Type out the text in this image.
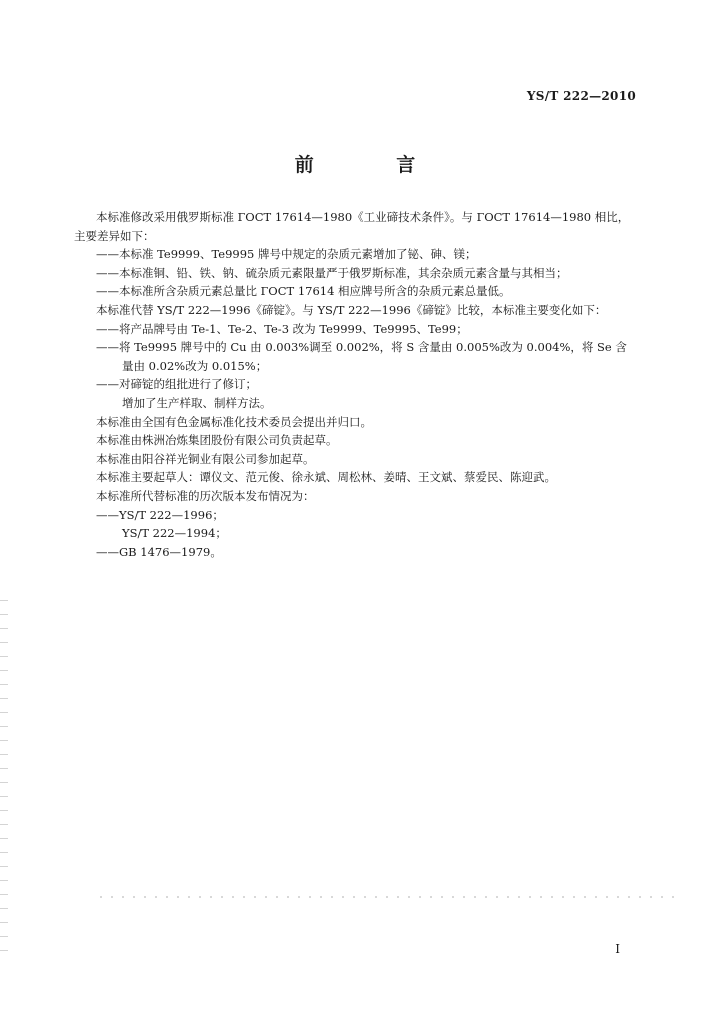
YS/T 222—2010
前 言
本标准修改采用俄罗斯标准 ГОСТ 17614—1980《工业碲技术条件》。与 ГОСТ 17614—1980 相比，
主要差异如下：
——本标准 Te9999、Te9995 牌号中规定的杂质元素增加了铋、砷、镁；
——本标准铜、铅、铁、钠、硫杂质元素限量严于俄罗斯标准，其余杂质元素含量与其相当；
——本标准所含杂质元素总量比 ГОСТ 17614 相应牌号所含的杂质元素总量低。
本标准代替 YS/T 222—1996《碲锭》。与 YS/T 222—1996《碲锭》比较，本标准主要变化如下：
——将产品牌号由 Te-1、Te-2、Te-3 改为 Te9999、Te9995、Te99；
——将 Te9995 牌号中的 Cu 由 0.003%调至 0.002%，将 S 含量由 0.005%改为 0.004%，将 Se 含
量由 0.02%改为 0.015%；
——对碲锭的组批进行了修订；
增加了生产样取、制样方法。
本标准由全国有色金属标准化技术委员会提出并归口。
本标准由株洲冶炼集团股份有限公司负责起草。
本标准由阳谷祥光铜业有限公司参加起草。
本标准主要起草人：谭仪文、范元俊、徐永斌、周松林、姜晴、王文斌、蔡爱民、陈迎武。
本标准所代替标准的历次版本发布情况为：
——YS/T 222—1996；
YS/T 222—1994；
——GB 1476—1979。
I
